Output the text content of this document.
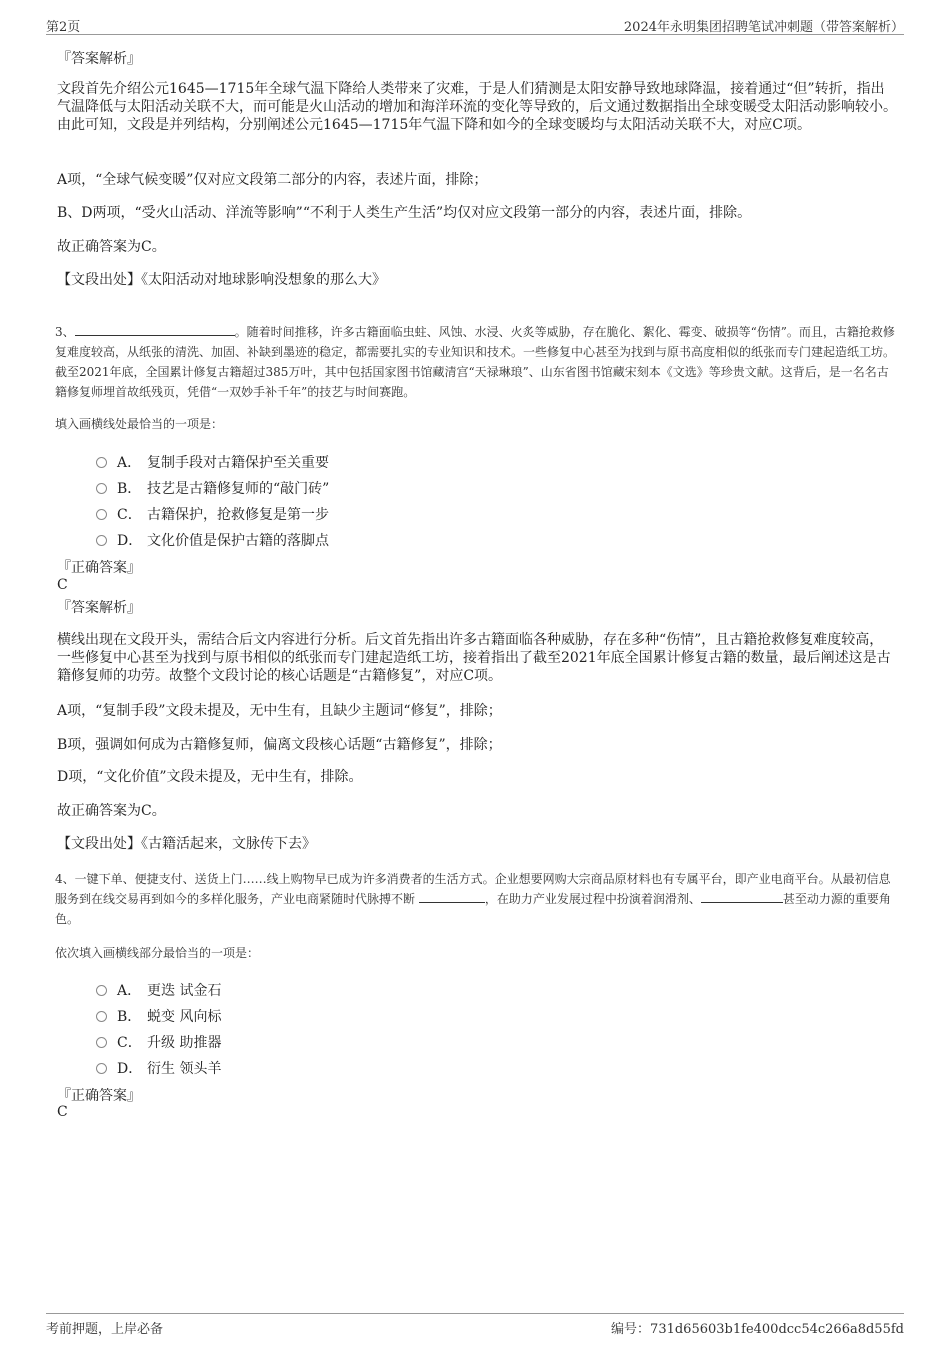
第2页	2024年永明集团招聘笔试冲刺题（带答案解析）
『答案解析』
文段首先介绍公元1645—1715年全球气温下降给人类带来了灾难，于是人们猜测是太阳安静导致地球降温，接着通过“但”转折，指出气温降低与太阳活动关联不大，而可能是火山活动的增加和海洋环流的变化等导致的，后文通过数据指出全球变暖受太阳活动影响较小。由此可知，文段是并列结构，分别阐述公元1645—1715年气温下降和如今的全球变暖均与太阳活动关联不大，对应C项。
A项，“全球气候变暖”仅对应文段第二部分的内容，表述片面，排除；
B、D两项，“受火山活动、洋流等影响”“不利于人类生产生活”均仅对应文段第一部分的内容，表述片面，排除。
故正确答案为C。
【文段出处】《太阳活动对地球影响没想象的那么大》
3、	。随着时间推移，许多古籍面临虫蛀、风蚀、水浸、火炙等威胁，存在脆化、絮化、霉变、破损等“伤情”。而且，古籍抢救修复难度较高，从纸张的清洗、加固、补缺到墨迹的稳定，都需要扎实的专业知识和技术。一些修复中心甚至为找到与原书高度相似的纸张而专门建起造纸工坊。截至2021年底，全国累计修复古籍超过385万叶，其中包括国家图书馆藏清宫“天禄琳琅”、山东省图书馆藏宋刻本《文选》等珍贵文献。这背后，是一名名古籍修复师埋首故纸残页，凭借“一双妙手补千年”的技艺与时间赛跑。
填入画横线处最恰当的一项是：
A． 复制手段对古籍保护至关重要
B． 技艺是古籍修复师的“敲门砖”
C． 古籍保护，抢救修复是第一步
D． 文化价值是保护古籍的落脚点
『正确答案』
C
『答案解析』
横线出现在文段开头，需结合后文内容进行分析。后文首先指出许多古籍面临各种威胁，存在多种“伤情”，且古籍抢救修复难度较高，一些修复中心甚至为找到与原书相似的纸张而专门建起造纸工坊，接着指出了截至2021年底全国累计修复古籍的数量，最后阐述这是古籍修复师的功劳。故整个文段讨论的核心话题是“古籍修复”，对应C项。
A项，“复制手段”文段未提及，无中生有，且缺少主题词“修复”，排除；
B项，强调如何成为古籍修复师，偏离文段核心话题“古籍修复”，排除；
D项，“文化价值”文段未提及，无中生有，排除。
故正确答案为C。
【文段出处】《古籍活起来，文脉传下去》
4、一键下单、便捷支付、送货上门……线上购物早已成为许多消费者的生活方式。企业想要网购大宗商品原材料也有专属平台，即产业电商平台。从最初信息服务到在线交易再到如今的多样化服务，产业电商紧随时代脉搏不断	，在助力产业发展过程中扮演着润滑剂、	甚至动力源的重要角色。
依次填入画横线部分最恰当的一项是：
A． 更迭 试金石
B． 蜕变 风向标
C． 升级 助推器
D． 衍生 领头羊
『正确答案』
C
考前押题，上岸必备	编号：731d65603b1fe400dcc54c266a8d55fd
